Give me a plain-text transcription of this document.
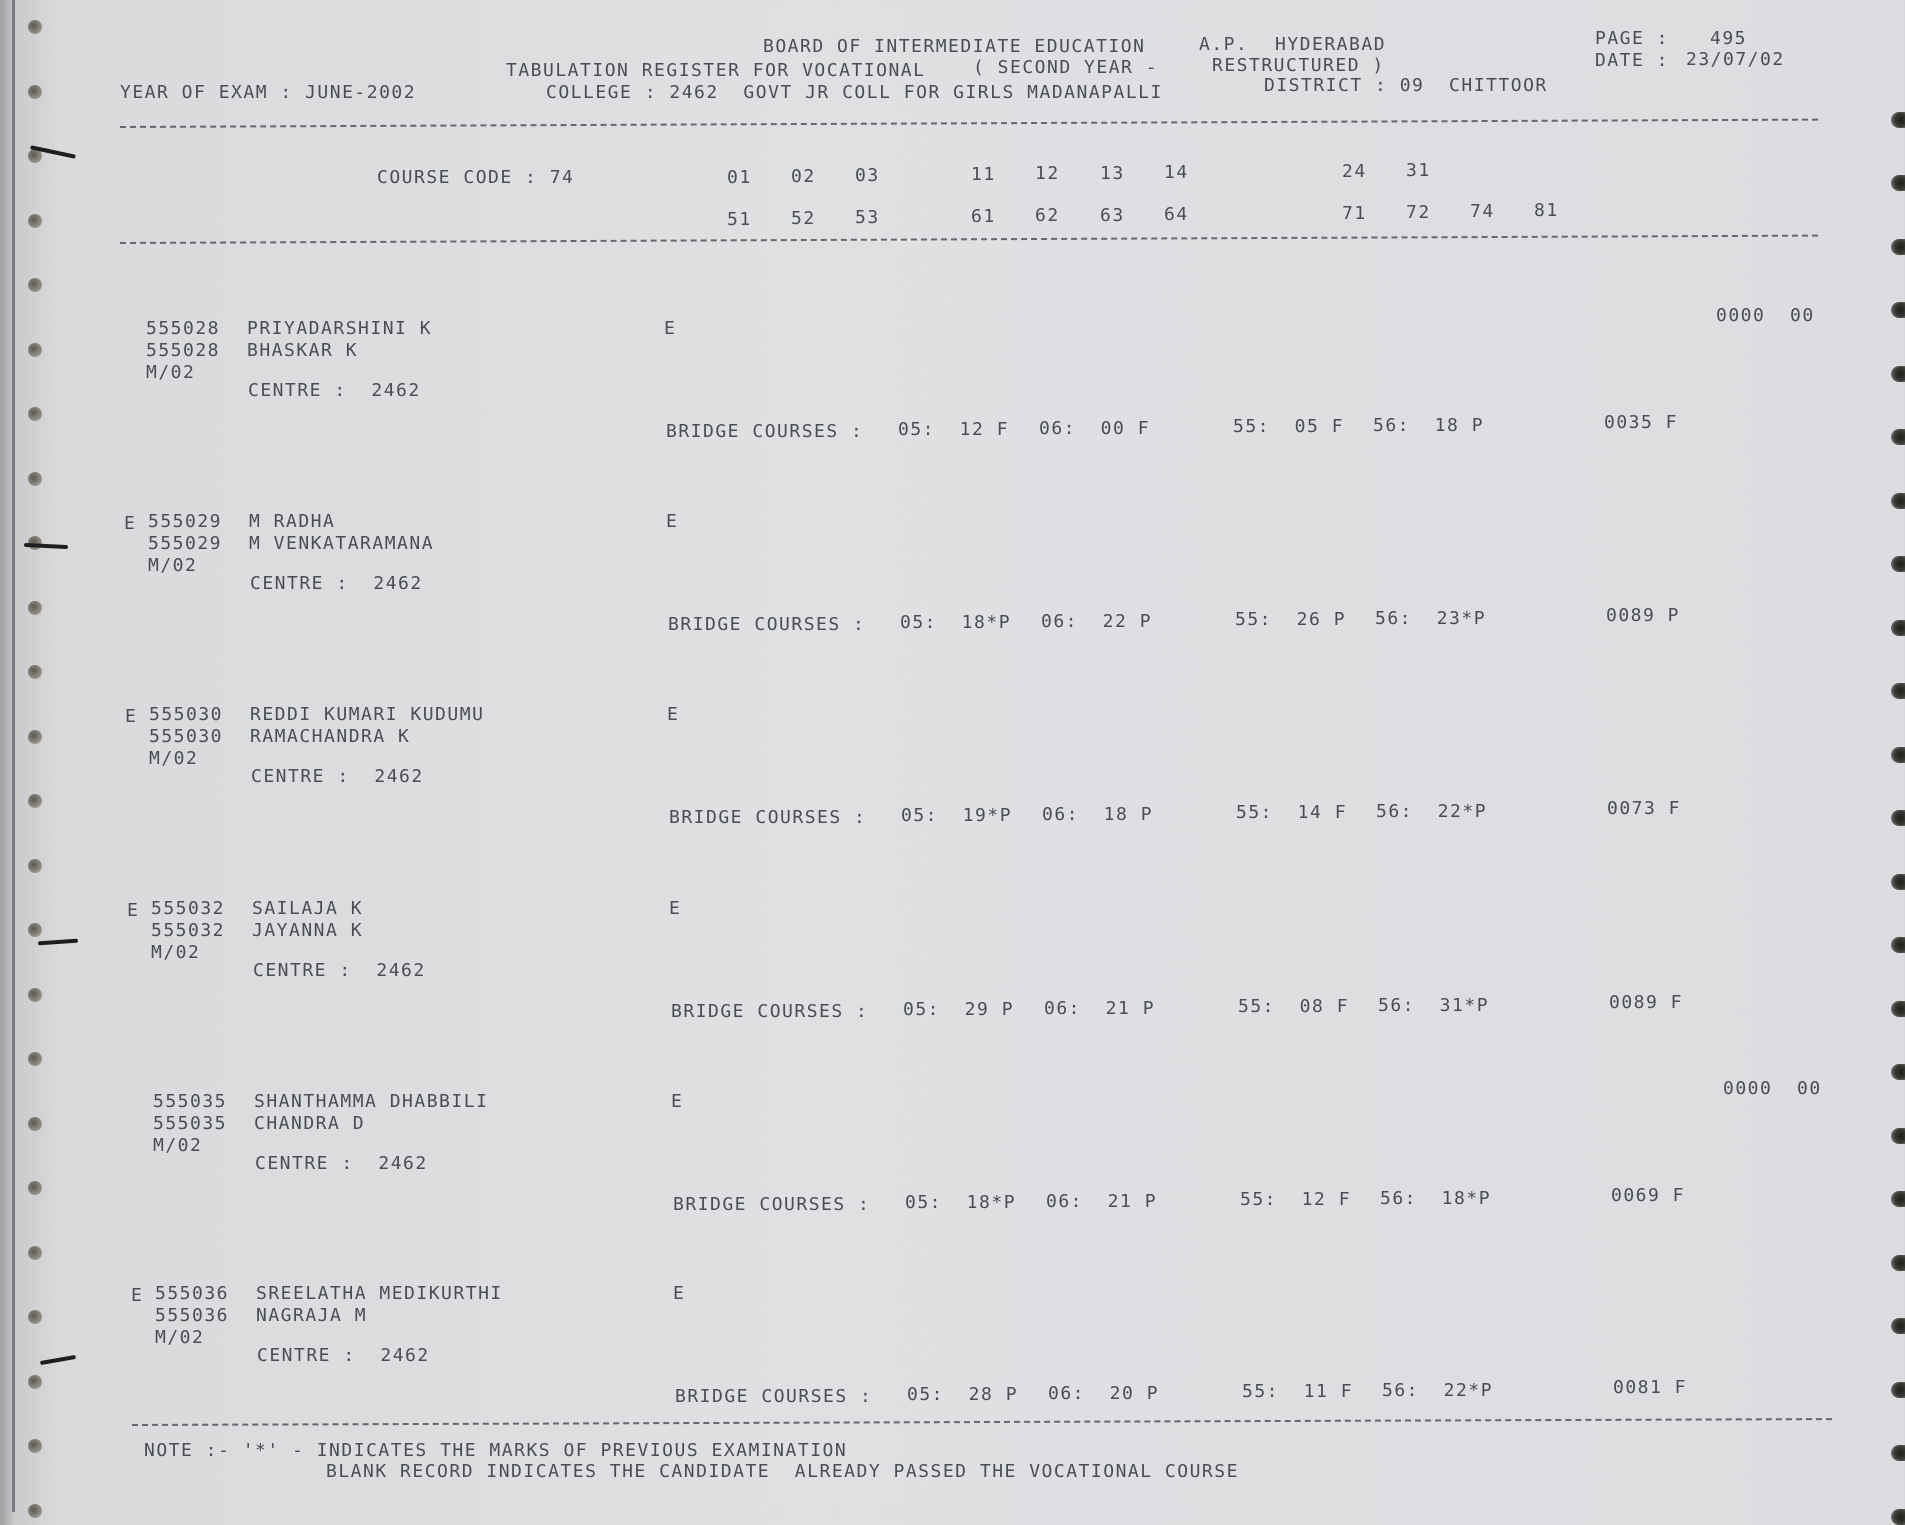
BOARD OF INTERMEDIATE EDUCATION	A.P. HYDERABAD	PAGE : 495
TABULATION REGISTER FOR VOCATIONAL	( SECOND YEAR -	RESTRUCTURED )	DATE : 23/07/02
YEAR OF EXAM : JUNE-2002	COLLEGE : 2462  GOVT JR COLL FOR GIRLS MADANAPALLI	DISTRICT : 09  CHITTOOR
COURSE CODE : 74	01 02 03	11 12 13 14	24 31
51 52 53	61 62 63 64	71 72 74 81
555028 PRIYADARSHINI K
555028 BHASKAR K
M/02
CENTRE :  2462
E
0000  00
BRIDGE COURSES : 05:  12 F 06:  00 F	55:  05 F 56:  18 P	0035 F
E 555029 M RADHA
555029 M VENKATARAMANA
M/02
CENTRE :  2462
E
BRIDGE COURSES : 05:  18*P 06:  22 P	55:  26 P 56:  23*P	0089 P
E 555030 REDDI KUMARI KUDUMU
555030 RAMACHANDRA K
M/02
CENTRE :  2462
E
BRIDGE COURSES : 05:  19*P 06:  18 P	55:  14 F 56:  22*P	0073 F
E 555032 SAILAJA K
555032 JAYANNA K
M/02
CENTRE :  2462
E
BRIDGE COURSES : 05:  29 P 06:  21 P	55:  08 F 56:  31*P	0089 F
555035 SHANTHAMMA DHABBILI
555035 CHANDRA D
M/02
CENTRE :  2462
E
0000  00
BRIDGE COURSES : 05:  18*P 06:  21 P	55:  12 F 56:  18*P	0069 F
E 555036 SREELATHA MEDIKURTHI
555036 NAGRAJA M
M/02
CENTRE :  2462
E
BRIDGE COURSES : 05:  28 P 06:  20 P	55:  11 F 56:  22*P	0081 F
NOTE :- '*' - INDICATES THE MARKS OF PREVIOUS EXAMINATION
BLANK RECORD INDICATES THE CANDIDATE  ALREADY PASSED THE VOCATIONAL COURSE
